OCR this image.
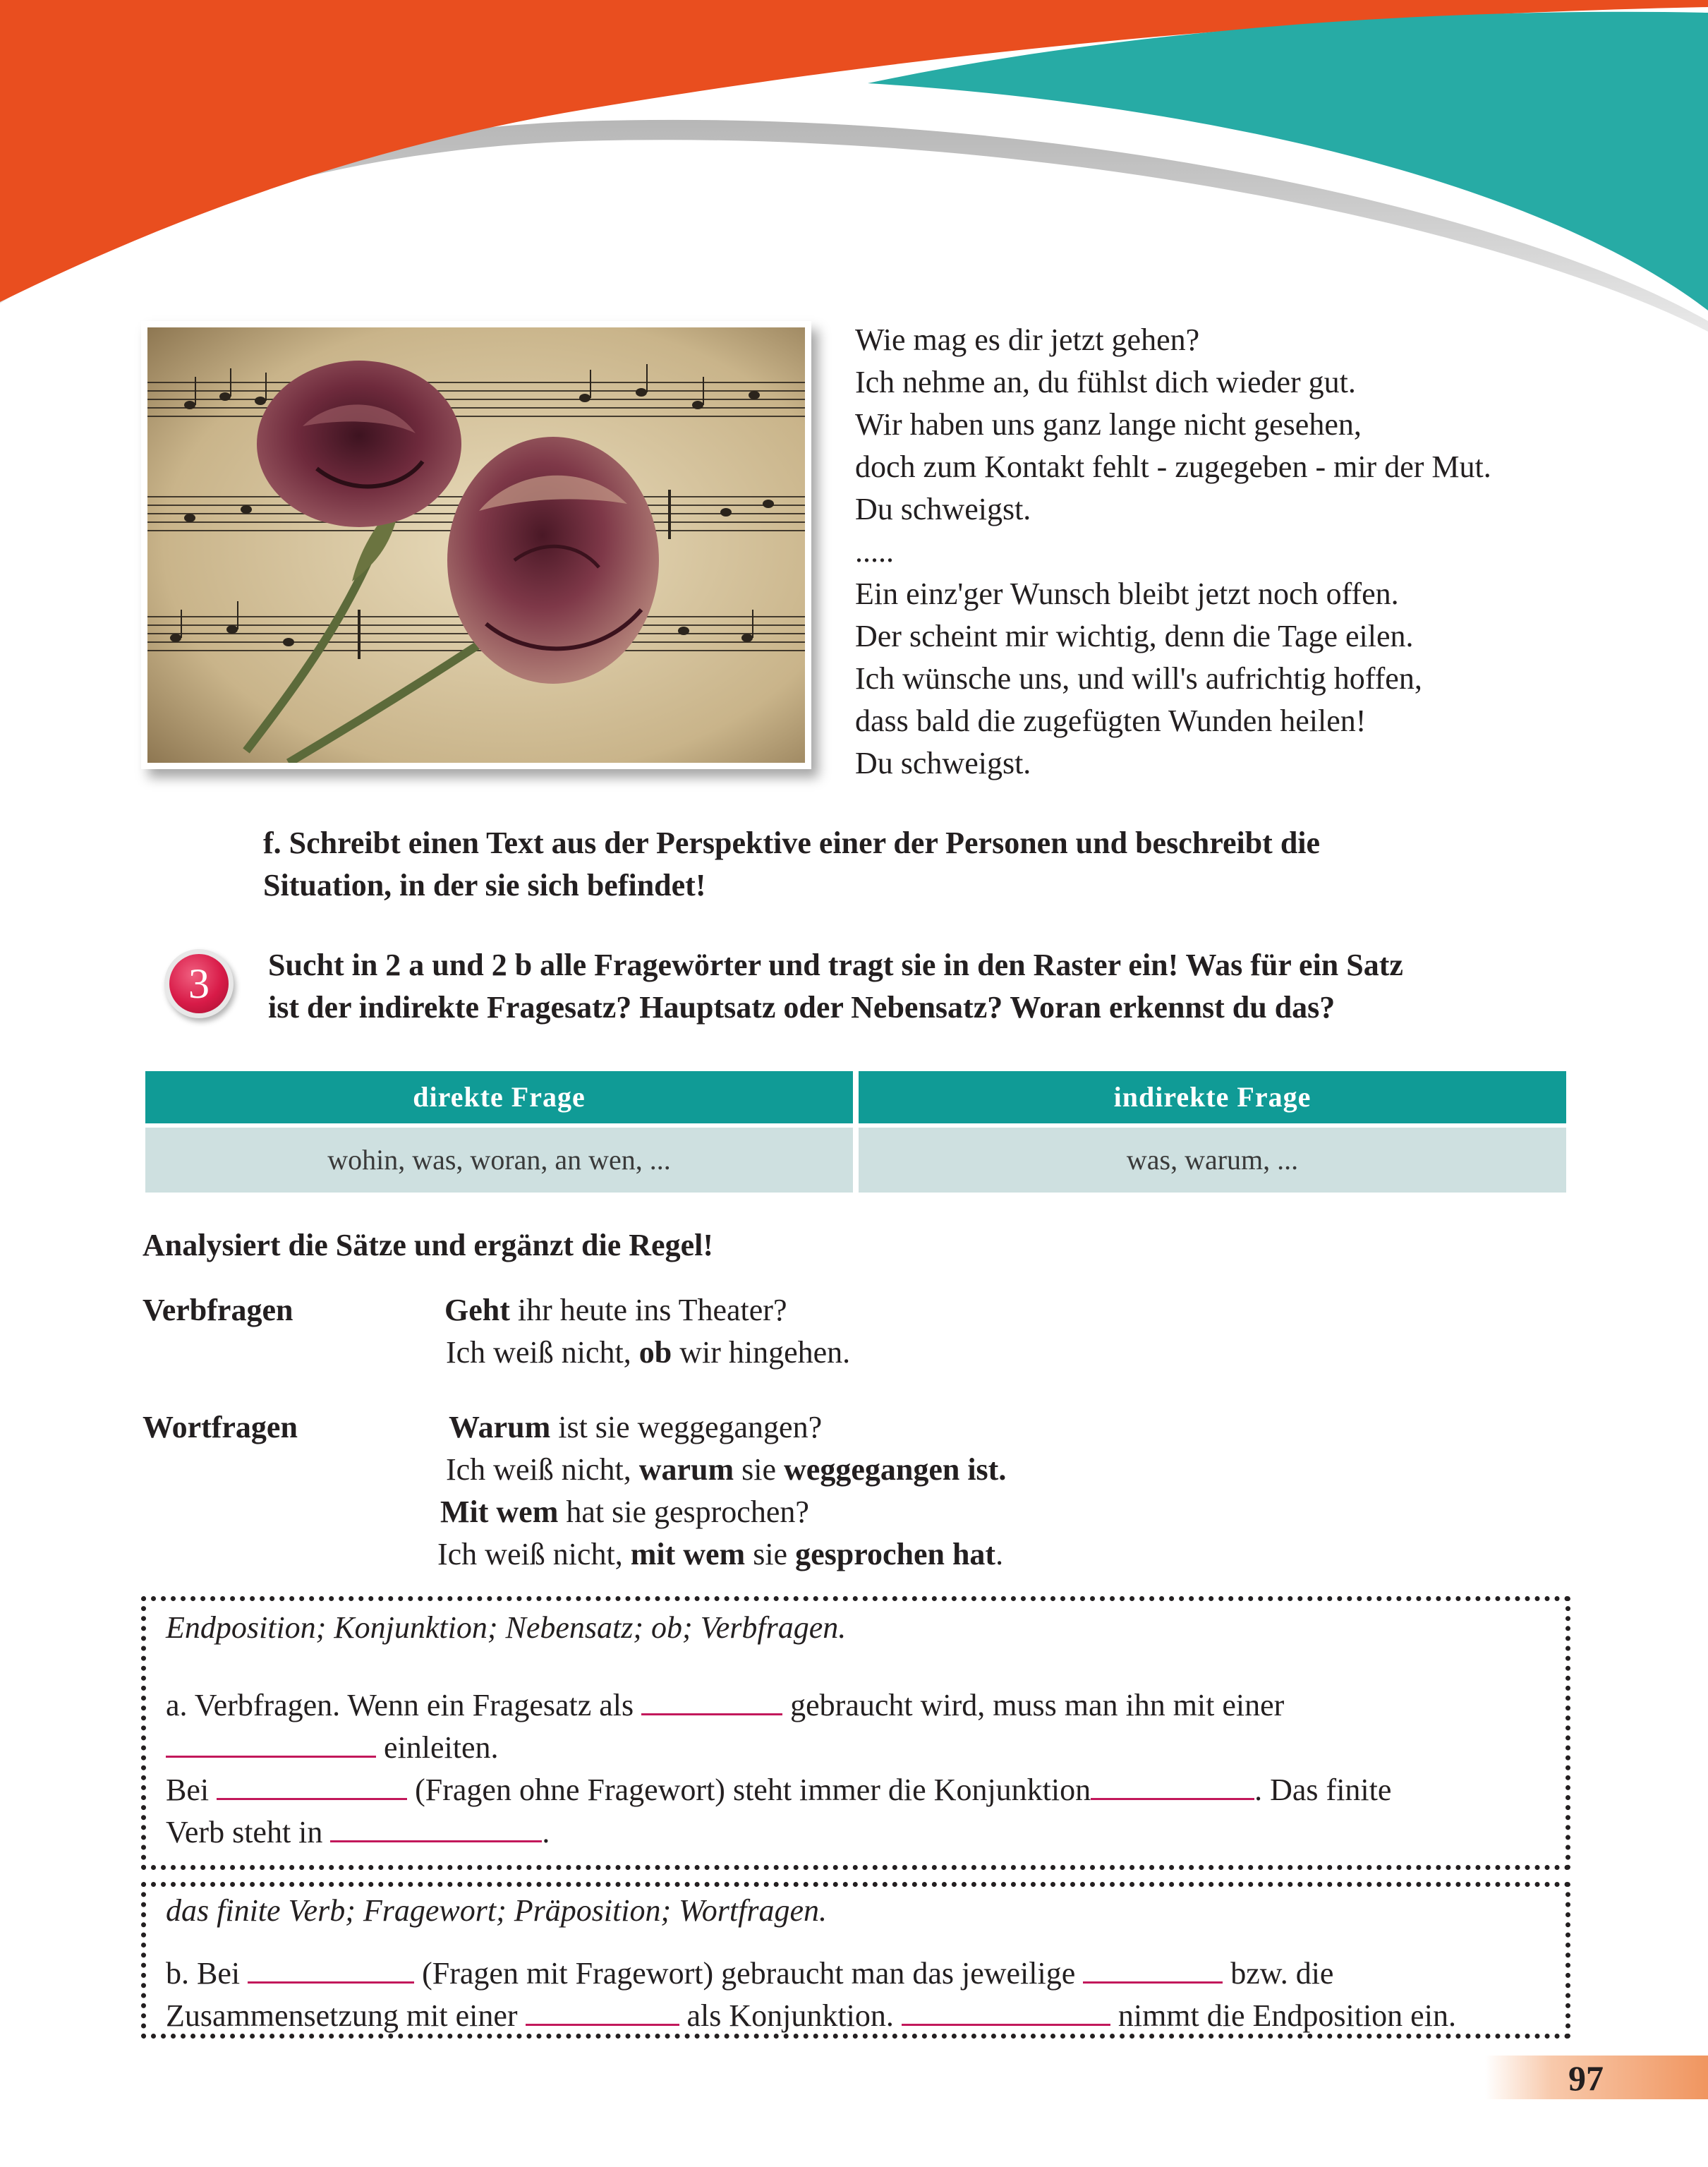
Wie mag es dir jetzt gehen?
Ich nehme an, du fühlst dich wieder gut.
Wir haben uns ganz lange nicht gesehen,
doch zum Kontakt fehlt - zugegeben - mir der Mut.
Du schweigst.
.....
Ein einz'ger Wunsch bleibt jetzt noch offen.
Der scheint mir wichtig, denn die Tage eilen.
Ich wünsche uns, und will's aufrichtig hoffen,
dass bald die zugefügten Wunden heilen!
Du schweigst.
f. Schreibt einen Text aus der Perspektive einer der Personen und beschreibt die
Situation, in der sie sich befindet!
3	Sucht in 2 a und 2 b alle Fragewörter und tragt sie in den Raster ein! Was für ein Satz
ist der indirekte Fragesatz? Hauptsatz oder Nebensatz? Woran erkennst du das?
direkte Frage	indirekte Frage
wohin, was, woran, an wen, ...	was, warum, ...
Analysiert die Sätze und ergänzt die Regel!
Verbfragen	Geht ihr heute ins Theater?
Ich weiß nicht, ob wir hingehen.
Wortfragen	Warum ist sie weggegangen?
Ich weiß nicht, warum sie weggegangen ist.
Mit wem hat sie gesprochen?
Ich weiß nicht, mit wem sie gesprochen hat.
Endposition; Konjunktion; Nebensatz; ob; Verbfragen.
a. Verbfragen. Wenn ein Fragesatz als	gebraucht wird, muss man ihn mit einer
einleiten.
Bei	(Fragen ohne Fragewort) steht immer die Konjunktion	. Das finite
Verb steht in	.
das finite Verb; Fragewort; Präposition; Wortfragen.
b. Bei	(Fragen mit Fragewort) gebraucht man das jeweilige	bzw. die
Zusammensetzung mit einer	als Konjunktion.	nimmt die Endposition ein.
97
